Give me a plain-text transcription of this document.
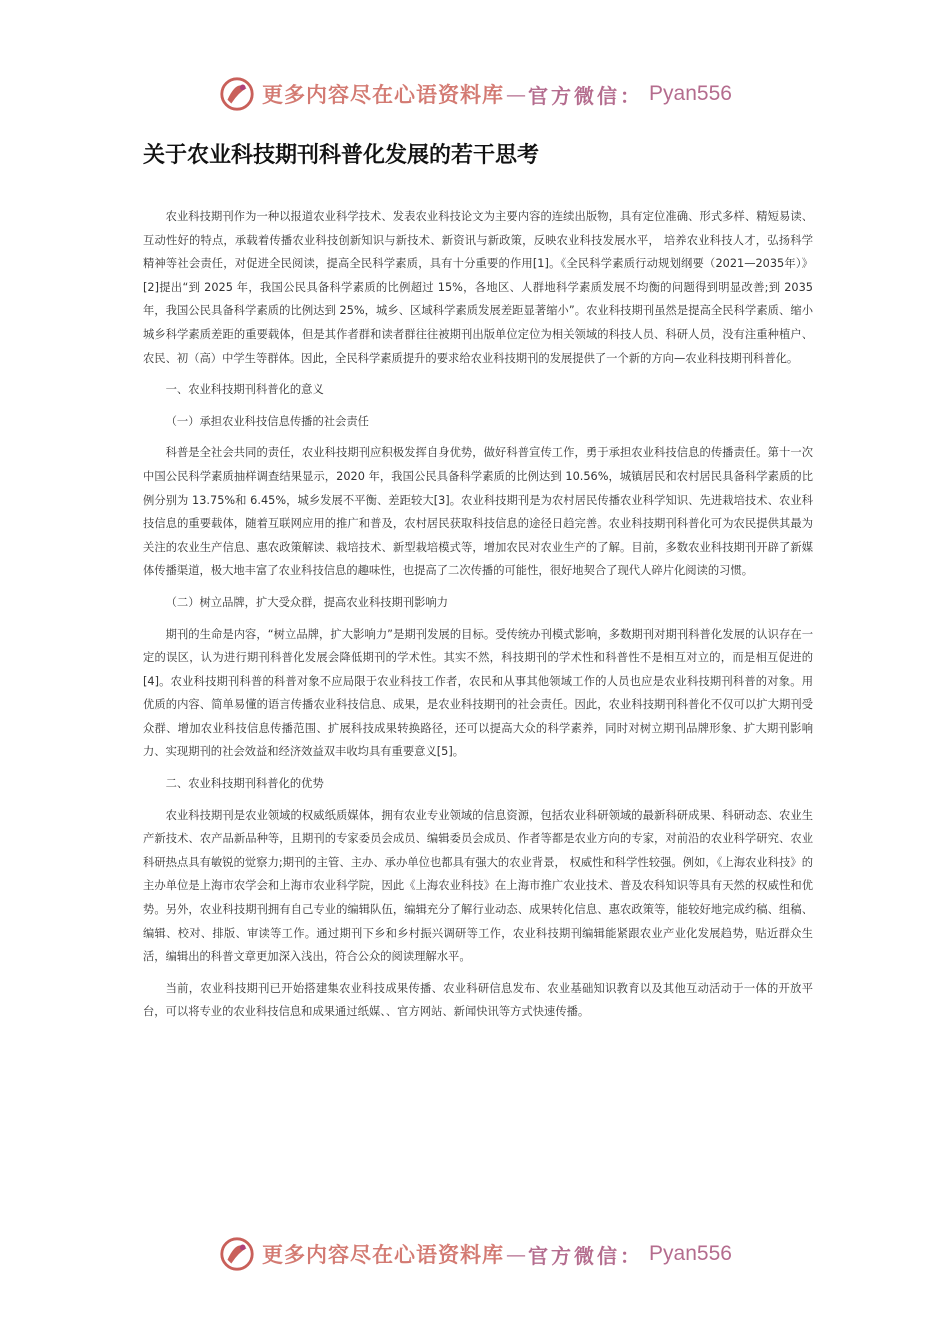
更多内容尽在心语资料库 — 官方微信： Pyan556
关于农业科技期刊科普化发展的若干思考

农业科技期刊作为一种以报道农业科学技术、发表农业科技论文为主要内容的连续出版物，具有定位准确、形式多样、精短易读、互动性好的特点，承载着传播农业科技创新知识与新技术、新资讯与新政策，反映农业科技发展水平， 培养农业科技人才，弘扬科学精神等社会责任，对促进全民阅读，提高全民科学素质，具有十分重要的作用[1]。《全民科学素质行动规划纲要（2021—2035年）》[2]提出“到 2025 年，我国公民具备科学素质的比例超过 15%，各地区、人群地科学素质发展不均衡的问题得到明显改善;到 2035 年，我国公民具备科学素质的比例达到 25%，城乡、区域科学素质发展差距显著缩小”。农业科技期刊虽然是提高全民科学素质、缩小城乡科学素质差距的重要载体，但是其作者群和读者群往往被期刊出版单位定位为相关领域的科技人员、科研人员，没有注重种植户、农民、初（高）中学生等群体。因此，全民科学素质提升的要求给农业科技期刊的发展提供了一个新的方向—农业科技期刊科普化。

一、农业科技期刊科普化的意义

（一）承担农业科技信息传播的社会责任

科普是全社会共同的责任，农业科技期刊应积极发挥自身优势，做好科普宣传工作，勇于承担农业科技信息的传播责任。第十一次中国公民科学素质抽样调查结果显示，2020 年，我国公民具备科学素质的比例达到 10.56%，城镇居民和农村居民具备科学素质的比例分别为 13.75%和 6.45%，城乡发展不平衡、差距较大[3]。农业科技期刊是为农村居民传播农业科学知识、先进栽培技术、农业科技信息的重要载体，随着互联网应用的推广和普及，农村居民获取科技信息的途径日趋完善。农业科技期刊科普化可为农民提供其最为关注的农业生产信息、惠农政策解读、栽培技术、新型栽培模式等，增加农民对农业生产的了解。目前，多数农业科技期刊开辟了新媒体传播渠道，极大地丰富了农业科技信息的趣味性，也提高了二次传播的可能性，很好地契合了现代人碎片化阅读的习惯。

（二）树立品牌，扩大受众群，提高农业科技期刊影响力

期刊的生命是内容，“树立品牌，扩大影响力”是期刊发展的目标。受传统办刊模式影响，多数期刊对期刊科普化发展的认识存在一定的误区，认为进行期刊科普化发展会降低期刊的学术性。其实不然，科技期刊的学术性和科普性不是相互对立的，而是相互促进的[4]。农业科技期刊科普的科普对象不应局限于农业科技工作者，农民和从事其他领域工作的人员也应是农业科技期刊科普的对象。用优质的内容、简单易懂的语言传播农业科技信息、成果，是农业科技期刊的社会责任。因此，农业科技期刊科普化不仅可以扩大期刊受众群、增加农业科技信息传播范围、扩展科技成果转换路径，还可以提高大众的科学素养，同时对树立期刊品牌形象、扩大期刊影响力、实现期刊的社会效益和经济效益双丰收均具有重要意义[5]。

二、农业科技期刊科普化的优势

农业科技期刊是农业领域的权威纸质媒体，拥有农业专业领域的信息资源，包括农业科研领域的最新科研成果、科研动态、农业生产新技术、农产品新品种等，且期刊的专家委员会成员、编辑委员会成员、作者等都是农业方向的专家，对前沿的农业科学研究、农业科研热点具有敏锐的觉察力;期刊的主管、主办、承办单位也都具有强大的农业背景， 权威性和科学性较强。例如，《上海农业科技》的主办单位是上海市农学会和上海市农业科学院，因此《上海农业科技》在上海市推广农业技术、普及农科知识等具有天然的权威性和优势。另外，农业科技期刊拥有自己专业的编辑队伍，编辑充分了解行业动态、成果转化信息、惠农政策等，能较好地完成约稿、组稿、编辑、校对、排版、审读等工作。通过期刊下乡和乡村振兴调研等工作，农业科技期刊编辑能紧跟农业产业化发展趋势，贴近群众生活，编辑出的科普文章更加深入浅出，符合公众的阅读理解水平。

当前，农业科技期刊已开始搭建集农业科技成果传播、农业科研信息发布、农业基础知识教育以及其他互动活动于一体的开放平台，可以将专业的农业科技信息和成果通过纸媒、、官方网站、新闻快讯等方式快速传播。

更多内容尽在心语资料库 — 官方微信： Pyan556
